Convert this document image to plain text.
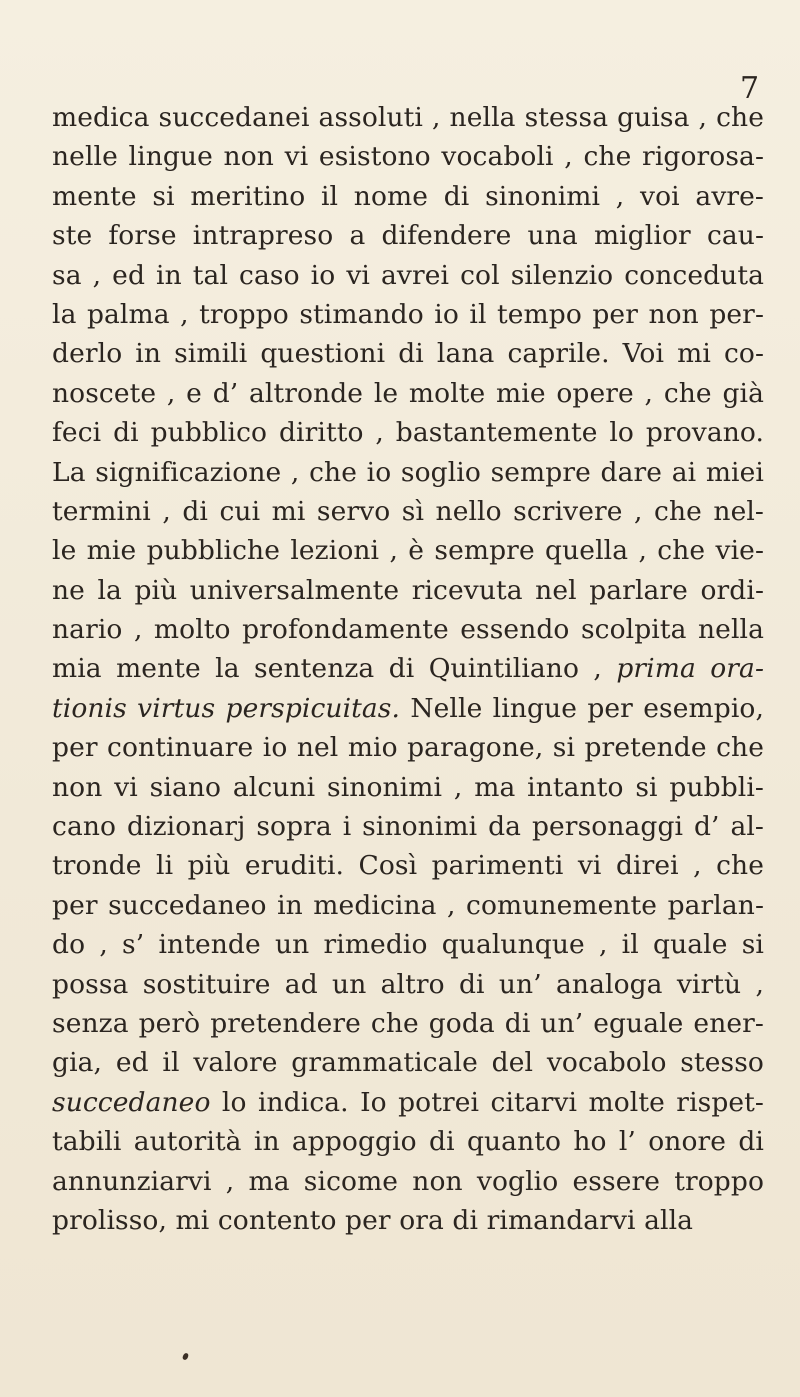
7
medica succedanei assoluti , nella stessa guisa , che
nelle lingue non vi esistono vocaboli , che rigorosa-
mente si meritino il nome di sinonimi , voi avre-
ste forse intrapreso a difendere una miglior cau-
sa , ed in tal caso io vi avrei col silenzio conceduta
la palma , troppo stimando io il tempo per non per-
derlo in simili questioni di lana caprile. Voi mi co-
noscete , e d’ altronde le molte mie opere , che già
feci di pubblico diritto , bastantemente lo provano.
La significazione , che io soglio sempre dare ai miei
termini , di cui mi servo sì nello scrivere , che nel-
le mie pubbliche lezioni , è sempre quella , che vie-
ne la più universalmente ricevuta nel parlare ordi-
nario , molto profondamente essendo scolpita nella
mia mente la sentenza di Quintiliano , prima ora-
tionis virtus perspicuitas. Nelle lingue per esempio,
per continuare io nel mio paragone, si pretende che
non vi siano alcuni sinonimi , ma intanto si pubbli-
cano dizionarj sopra i sinonimi da personaggi d’ al-
tronde li più eruditi. Così parimenti vi direi , che
per succedaneo in medicina , comunemente parlan-
do , s’ intende un rimedio qualunque , il quale si
possa sostituire ad un altro di un’ analoga virtù ,
senza però pretendere che goda di un’ eguale ener-
gia, ed il valore grammaticale del vocabolo stesso
succedaneo lo indica. Io potrei citarvi molte rispet-
tabili autorità in appoggio di quanto ho l’ onore di
annunziarvi , ma sicome non voglio essere troppo
prolisso, mi contento per ora di rimandarvi alla
